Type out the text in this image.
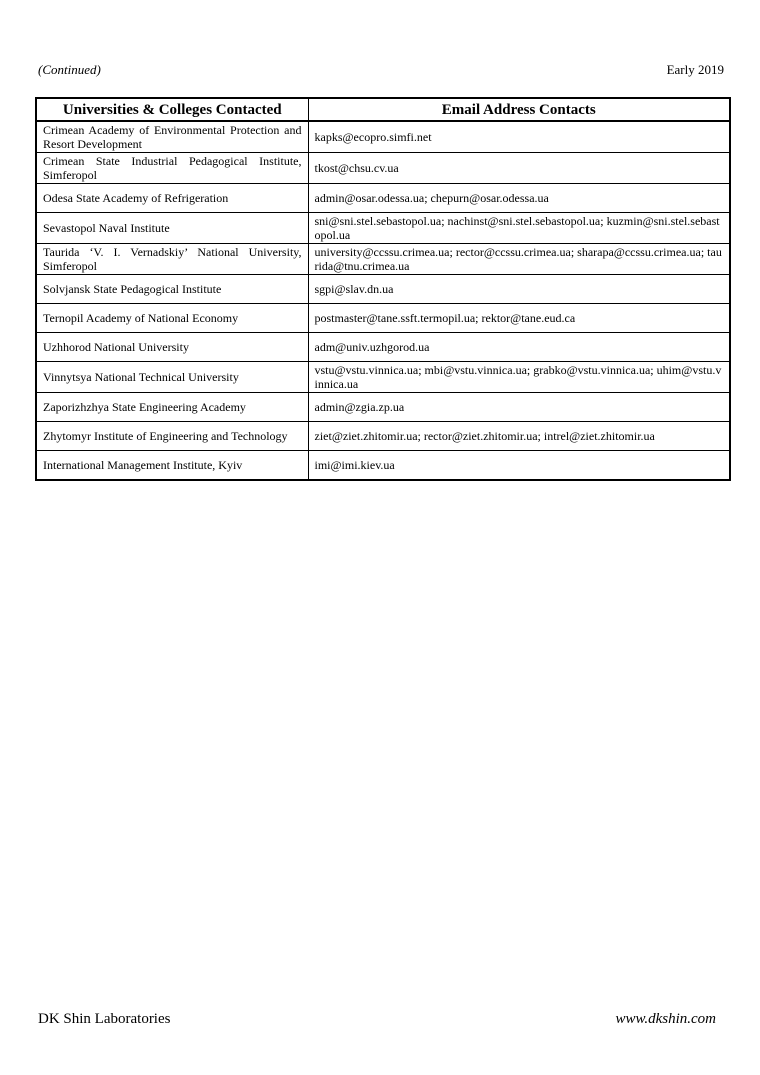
(Continued)	Early 2019
Universities & Colleges Contacted	Email Address Contacts
Crimean Academy of Environmental Protection and Resort Development	kapks@ecopro.simfi.net
Crimean State Industrial Pedagogical Institute, Simferopol	tkost@chsu.cv.ua
Odesa State Academy of Refrigeration	admin@osar.odessa.ua; chepurn@osar.odessa.ua
Sevastopol Naval Institute	sni@sni.stel.sebastopol.ua; nachinst@sni.stel.sebastopol.ua; kuzmin@sni.stel.sebastopol.ua
Taurida ‘V. I. Vernadskiy’ National University, Simferopol	university@ccssu.crimea.ua; rector@ccssu.crimea.ua; sharapa@ccssu.crimea.ua; taurida@tnu.crimea.ua
Solvjansk State Pedagogical Institute	sgpi@slav.dn.ua
Ternopil Academy of National Economy	postmaster@tane.ssft.termopil.ua; rektor@tane.eud.ca
Uzhhorod National University	adm@univ.uzhgorod.ua
Vinnytsya National Technical University	vstu@vstu.vinnica.ua; mbi@vstu.vinnica.ua; grabko@vstu.vinnica.ua; uhim@vstu.vinnica.ua
Zaporizhzhya State Engineering Academy	admin@zgia.zp.ua
Zhytomyr Institute of Engineering and Technology	ziet@ziet.zhitomir.ua; rector@ziet.zhitomir.ua; intrel@ziet.zhitomir.ua
International Management Institute, Kyiv	imi@imi.kiev.ua
DK Shin Laboratories	www.dkshin.com
